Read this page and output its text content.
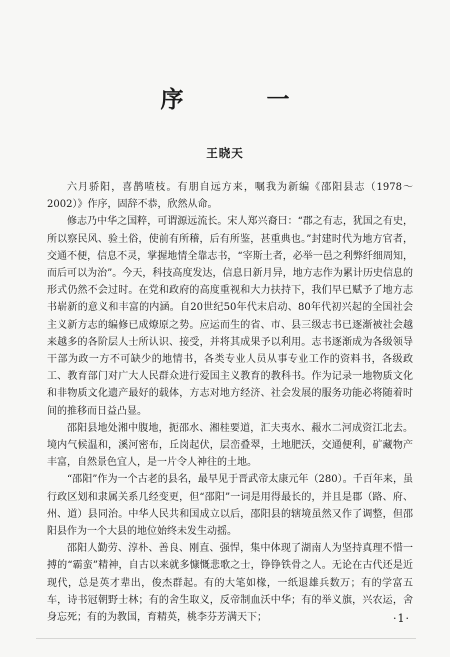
序　一
王晓天

六月骄阳，喜鹊喳枝。有朋自远方来，嘱我为新编《邵阳县志（1978～2002）》作序，固辞不恭，欣然从命。

修志乃中华之国粹，可谓源远流长。宋人郑兴裔曰：“郡之有志，犹国之有史，所以察民风、验土俗，使前有所稽，后有所鉴，甚重典也。”封建时代为地方官者，交通不便，信息不灵，掌握地情全靠志书，“宰斯土者，必举一邑之利弊纤细周知，而后可以为治”。今天，科技高度发达，信息日新月异，地方志作为累计历史信息的形式仍然不会过时。在党和政府的高度重视和大力扶持下，我们早已赋予了地方志书崭新的意义和丰富的内涵。自20世纪50年代末启动、80年代初兴起的全国社会主义新方志的编修已成燎原之势。应运而生的省、市、县三级志书已逐渐被社会越来越多的各阶层人士所认识、接受，并将其成果予以利用。志书逐渐成为各级领导干部为政一方不可缺少的地情书，各类专业人员从事专业工作的资料书，各级政工、教育部门对广大人民群众进行爱国主义教育的教科书。作为记录一地物质文化和非物质文化遗产最好的载体，方志对地方经济、社会发展的服务功能必将随着时间的推移而日益凸显。

邵阳县地处湘中腹地，扼邵水、湘桂要道，汇夫夷水、赧水二河成资江北去。境内气候温和，溪河密布，丘岗起伏，层峦叠翠，土地肥沃，交通便利，矿藏物产丰富，自然景色宜人，是一片令人神往的土地。

“邵阳”作为一个古老的县名，最早见于晋武帝太康元年（280）。千百年来，虽行政区划和隶属关系几经变更，但“邵阳”一词是用得最长的，并且是郡（路、府、州、道）县同治。中华人民共和国成立以后，邵阳县的辖境虽然又作了调整，但邵阳县作为一个大县的地位始终未发生动摇。

邵阳人勤劳、淳朴、善良、刚直、强悍，集中体现了湖南人为坚持真理不惜一搏的“霸蛮”精神，自古以来就多慷慨悲歌之士，铮铮铁骨之人。无论在古代还是近现代，总是英才辈出，俊杰群起。有的大笔如椽，一纸退雄兵数万；有的学富五车，诗书冠朝野士林；有的舍生取义，反帝制血沃中华；有的举义旗，兴农运，舍身忘死；有的为教国，育精英，桃李芬芳满天下；	·1·
